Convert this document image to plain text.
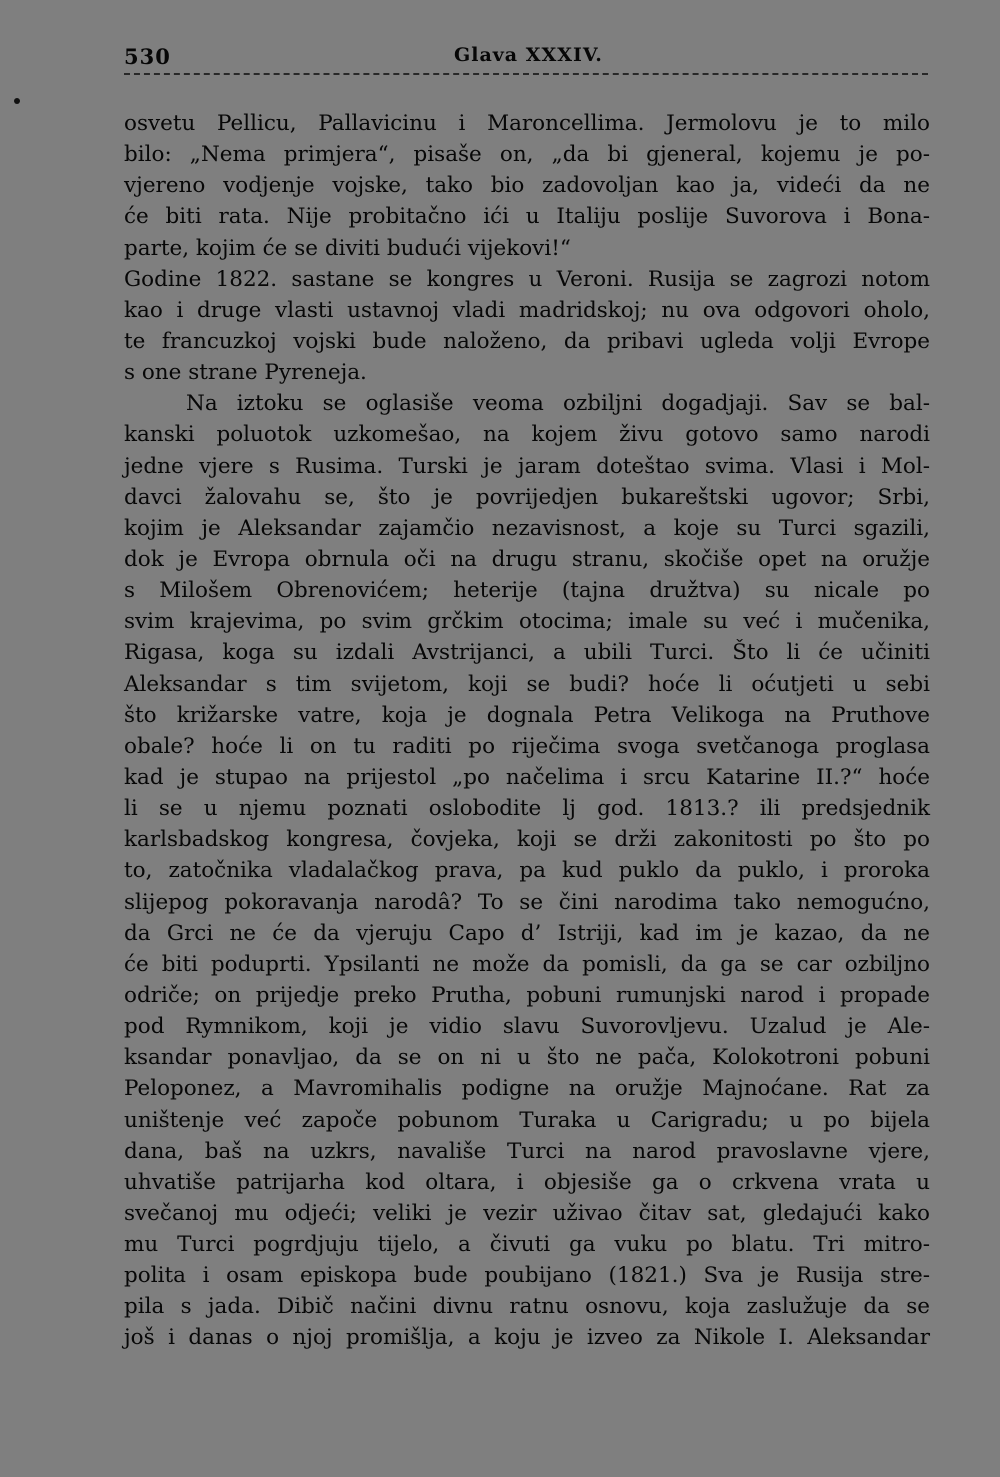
530	Glava XXXIV.
osvetu Pellicu, Pallavicinu i Maroncellima. Jermolovu je to milo
bilo: „Nema primjera“, pisaše on, „da bi gjeneral, kojemu je po-
vjereno vodjenje vojske, tako bio zadovoljan kao ja, videći da ne
će biti rata. Nije probitačno ići u Italiju poslije Suvorova i Bona-
parte, kojim će se diviti budući vijekovi!“
Godine 1822. sastane se kongres u Veroni. Rusija se zagrozi notom
kao i druge vlasti ustavnoj vladi madridskoj; nu ova odgovori oholo,
te francuzkoj vojski bude naloženo, da pribavi ugleda volji Evrope
s one strane Pyreneja.
Na iztoku se oglasiše veoma ozbiljni dogadjaji. Sav se bal-
kanski poluotok uzkomešao, na kojem živu gotovo samo narodi
jedne vjere s Rusima. Turski je jaram doteštao svima. Vlasi i Mol-
davci žalovahu se, što je povrijedjen bukareštski ugovor; Srbi,
kojim je Aleksandar zajamčio nezavisnost, a koje su Turci sgazili,
dok je Evropa obrnula oči na drugu stranu, skočiše opet na oružje
s Milošem Obrenovićem; heterije (tajna družtva) su nicale po
svim krajevima, po svim grčkim otocima; imale su već i mučenika,
Rigasa, koga su izdali Avstrijanci, a ubili Turci. Što li će učiniti
Aleksandar s tim svijetom, koji se budi? hoće li oćutjeti u sebi
što križarske vatre, koja je dognala Petra Velikoga na Pruthove
obale? hoće li on tu raditi po riječima svoga svetčanoga proglasa
kad je stupao na prijestol „po načelima i srcu Katarine II.?“ hoće
li se u njemu poznati oslobodite lj god. 1813.? ili predsjednik
karlsbadskog kongresa, čovjeka, koji se drži zakonitosti po što po
to, zatočnika vladalačkog prava, pa kud puklo da puklo, i proroka
slijepog pokoravanja narodâ? To se čini narodima tako nemogućno,
da Grci ne će da vjeruju Capo d’ Istriji, kad im je kazao, da ne
će biti poduprti. Ypsilanti ne može da pomisli, da ga se car ozbiljno
odriče; on prijedje preko Prutha, pobuni rumunjski narod i propade
pod Rymnikom, koji je vidio slavu Suvorovljevu. Uzalud je Ale-
ksandar ponavljao, da se on ni u što ne pača, Kolokotroni pobuni
Peloponez, a Mavromihalis podigne na oružje Majnoćane. Rat za
uništenje već započe pobunom Turaka u Carigradu; u po bijela
dana, baš na uzkrs, navališe Turci na narod pravoslavne vjere,
uhvatiše patrijarha kod oltara, i objesiše ga o crkvena vrata u
svečanoj mu odjeći; veliki je vezir uživao čitav sat, gledajući kako
mu Turci pogrdjuju tijelo, a čivuti ga vuku po blatu. Tri mitro-
polita i osam episkopa bude poubijano (1821.) Sva je Rusija stre-
pila s jada. Dibič načini divnu ratnu osnovu, koja zaslužuje da se
još i danas o njoj promišlja, a koju je izveo za Nikole I. Aleksandar
